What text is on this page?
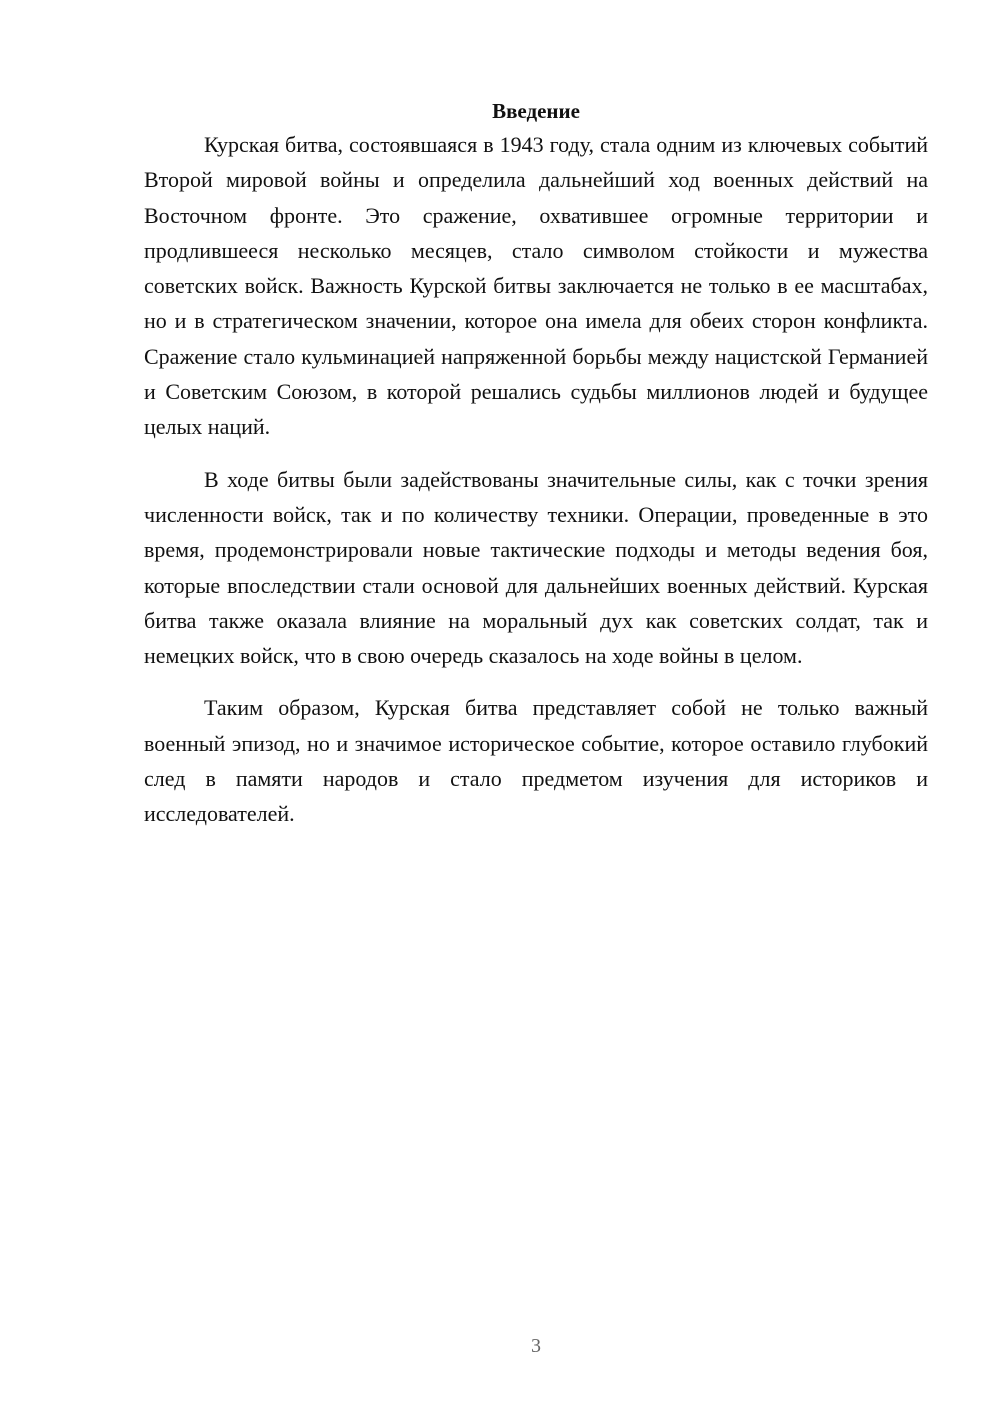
Введение

Курская битва, состоявшаяся в 1943 году, стала одним из ключевых событий Второй мировой войны и определила дальнейший ход военных действий на Восточном фронте. Это сражение, охватившее огромные территории и продлившееся несколько месяцев, стало символом стойкости и мужества советских войск. Важность Курской битвы заключается не только в ее масштабах, но и в стратегическом значении, которое она имела для обеих сторон конфликта. Сражение стало кульминацией напряженной борьбы между нацистской Германией и Советским Союзом, в которой решались судьбы миллионов людей и будущее целых наций.

В ходе битвы были задействованы значительные силы, как с точки зрения численности войск, так и по количеству техники. Операции, проведенные в это время, продемонстрировали новые тактические подходы и методы ведения боя, которые впоследствии стали основой для дальнейших военных действий. Курская битва также оказала влияние на моральный дух как советских солдат, так и немецких войск, что в свою очередь сказалось на ходе войны в целом.

Таким образом, Курская битва представляет собой не только важный военный эпизод, но и значимое историческое событие, которое оставило глубокий след в памяти народов и стало предметом изучения для историков и исследователей.

3
